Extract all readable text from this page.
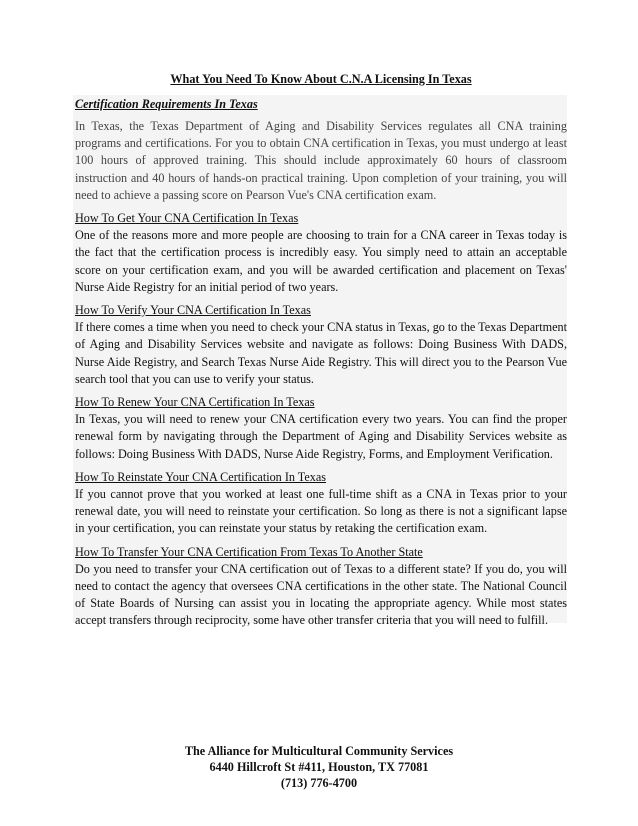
What You Need To Know About C.N.A Licensing In Texas
Certification Requirements In Texas

In Texas, the Texas Department of Aging and Disability Services regulates all CNA training programs and certifications. For you to obtain CNA certification in Texas, you must undergo at least 100 hours of approved training. This should include approximately 60 hours of classroom instruction and 40 hours of hands-on practical training. Upon completion of your training, you will need to achieve a passing score on Pearson Vue's CNA certification exam.

How To Get Your CNA Certification In Texas

One of the reasons more and more people are choosing to train for a CNA career in Texas today is the fact that the certification process is incredibly easy. You simply need to attain an acceptable score on your certification exam, and you will be awarded certification and placement on Texas' Nurse Aide Registry for an initial period of two years.

How To Verify Your CNA Certification In Texas

If there comes a time when you need to check your CNA status in Texas, go to the Texas Department of Aging and Disability Services website and navigate as follows: Doing Business With DADS, Nurse Aide Registry, and Search Texas Nurse Aide Registry. This will direct you to the Pearson Vue search tool that you can use to verify your status.

How To Renew Your CNA Certification In Texas

In Texas, you will need to renew your CNA certification every two years. You can find the proper renewal form by navigating through the Department of Aging and Disability Services website as follows: Doing Business With DADS, Nurse Aide Registry, Forms, and Employment Verification.

How To Reinstate Your CNA Certification In Texas

If you cannot prove that you worked at least one full-time shift as a CNA in Texas prior to your renewal date, you will need to reinstate your certification. So long as there is not a significant lapse in your certification, you can reinstate your status by retaking the certification exam.

How To Transfer Your CNA Certification From Texas To Another State

Do you need to transfer your CNA certification out of Texas to a different state? If you do, you will need to contact the agency that oversees CNA certifications in the other state. The National Council of State Boards of Nursing can assist you in locating the appropriate agency. While most states accept transfers through reciprocity, some have other transfer criteria that you will need to fulfill.

The Alliance for Multicultural Community Services
6440 Hillcroft St #411, Houston, TX 77081
(713) 776-4700
